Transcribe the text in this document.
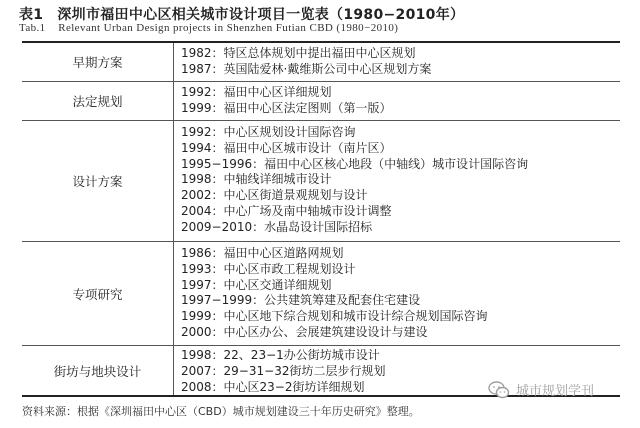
表1 深圳市福田中心区相关城市设计项目一览表（1980−2010年）
Tab.1 Relevant Urban Design projects in Shenzhen Futian CBD (1980−2010)
早期方案
1982：特区总体规划中提出福田中心区规划
1987：英国陆爱林·戴维斯公司中心区规划方案
法定规划
1992：福田中心区详细规划
1999：福田中心区法定图则（第一版）
设计方案
1992：中心区规划设计国际咨询
1994：福田中心区城市设计（南片区）
1995−1996：福田中心区核心地段（中轴线）城市设计国际咨询
1998：中轴线详细城市设计
2002：中心区街道景观规划与设计
2004：中心广场及南中轴城市设计调整
2009−2010：水晶岛设计国际招标
专项研究
1986：福田中心区道路网规划
1993：中心区市政工程规划设计
1997：中心区交通详细规划
1997−1999：公共建筑筹建及配套住宅建设
1999：中心区地下综合规划和城市设计综合规划国际咨询
2000：中心区办公、会展建筑建设设计与建设
街坊与地块设计
1998：22、23−1办公街坊城市设计
2007：29−31−32街坊二层步行规划
2008：中心区23−2街坊详细规划
资料来源：根据《深圳福田中心区（CBD）城市规划建设三十年历史研究》整理。
城市规划学刊
